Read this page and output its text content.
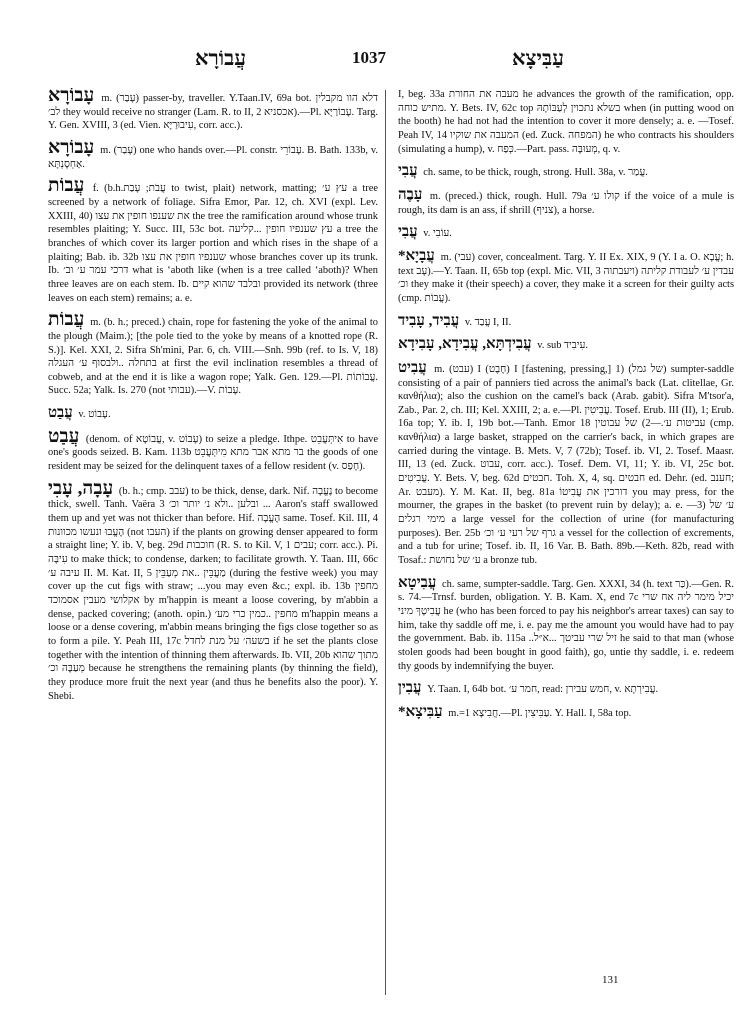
עֲבוֹרָא	1037	עַבִּיצָא
עָבוֹרָא m. (עָבַר) passer-by, traveller. Y.Taan.IV, 69a bot. דלא הוו מקבלין לב׳ they would receive no stranger (Lam. R. to II, 2 אכסניא).—Pl. עָבוֹרַיָּא. Targ. Y. Gen. XVIII, 3 (ed. Vien. עִיבוּרַיָּא, corr. acc.).
עָבוֹרָא m. (עָבַר) one who hands over.—Pl. constr. עָבוֹרֵי. B. Bath. 133b, v. אַחְסָנְתָּא.
עֲבוֹת f. (b.h.עֲבֹת; עָבַת to twist, plait) network, matting; עץ ע׳ a tree screened by a network of foliage. Sifra Emor, Par. 12, ch. XVI (expl. Lev. XXIII, 40) את שענפו חופין את עצו the tree the ramification around whose trunk resembles plaiting; Y. Succ. III, 53c bot. עץ שענפיו חופין ...קליעה a tree the branches of which cover its larger portion and which rises in the shape of a plaiting; Bab. ib. 32b שענפיו חופין את עצו whose branches cover up its trunk. Ib. דרכי עמר ע׳ וב׳ what is ‘aboth like (when is a tree called ‘aboth)? When three leaves are on each stem. Ib. ובלבד שהוא קיים provided its network (three leaves on each stem) remains; a. e.
עֲבוֹת m. (b. h.; preced.) chain, rope for fastening the yoke of the animal to the plough (Maim.); [the pole tied to the yoke by means of a knotted rope (R. S.)]. Kel. XXI, 2. Sifra Sh'mini, Par. 6, ch. VIII.—Snh. 99b (ref. to Is. V, 18) בתחלה ..ולבסוף ע׳ העגלה at first the evil inclination resembles a thread of cobweb, and at the end it is like a wagon rope; Yalk. Gen. 129.—Pl. עֲבוֹתוֹת. Succ. 52a; Yalk. Is. 270 (not עבותי).—V. עָבוֹת.
עֲבַט v. עָבוֹט.
עֲבַט (denom. of עֲבוֹטָא, v. עָבוֹט) to seize a pledge. Ithpe. אִיתְּעֲבֵט to have one's goods seized. B. Kam. 113b בר מתא אבר מתא מִיתְּעֲבֵט the goods of one resident may be seized for the delinquent taxes of a fellow resident (v. חָפַס).
עָבָה, עָבִי (b. h.; cmp. עבב) to be thick, dense, dark. Nif. נֶעֱבָה to become thick, swell. Tanh. Vaëra 3 ובלען ..ולא נ׳ יותר וכ׳ ... Aaron's staff swallowed them up and yet was not thicker than before. Hif. הֶעֱבָה same. Tosef. Kil. III, 4 הֶעֱבוּ ונעשו מכוונות (not העבו) if the plants on growing denser appeared to form a straight line; Y. ib. V, beg. 29d חוכבות (R. S. to Kil. V, 1 עבים; corr. acc.). Pi. עִיבָּה to make thick; to condense, darken; to facilitate growth. Y. Taan. III, 66c עיבה ע׳ II. M. Kat. II, 5 מַעֲבֵּין ..את מְעַבֵּין (during the festive week) you may cover up the cut figs with straw; ...you may even &c.; expl. ib. 13b מחפין אקלושי מעבין אסמוכד by m'happin is meant a loose covering, by m'abbin a dense, packed covering; (anoth. opin.) מחפין ..כמין כרי מע׳ m'happin means a loose or a dense covering, m'abbin means bringing the figs close together so as to form a pile. Y. Peah III, 17c בשעה׳ על מנת לחדל if he set the plants close together with the intention of thinning them afterwards. Ib. VII, 20b מתוך שהוא מְעַבֶּה וכ׳ because he strengthens the remaining plants (by thinning the field), they produce more fruit the next year (and thus he benefits also the poor). Y. Shebi.
I, beg. 33a מעבה את החורת he advances the growth of the ramification, opp. מתיש כוחה. Y. Bets. IV, 62c top בשלא נתכוין לְעַבּוֹתָהּ when (in putting wood on the booth) he had not had the intention to cover it more densely; a. e. —Tosef. Peah IV, 14 המעבה את שוקיו (ed. Zuck. המפחה) he who contracts his shoulders (simulating a hump), v. כְּפַח.—Part. pass. מְעוּבֶּה, q. v.
עֲבִי ch. same, to be thick, rough, strong. Hull. 38a, v. עֲמַר.
עָבֶה m. (preced.) thick, rough. Hull. 79a קולו ע׳ if the voice of a mule is rough, its dam is an ass, if shrill (צניף), a horse.
עֲבִי v. עוֹבִי.
*עֲבָיָא m. (עבי) cover, concealment. Targ. Y. II Ex. XIX, 9 (Y. I a. O. עֲבָא; h. text עָב).—Y. Taan. II, 65b top (expl. Mic. VII, 3 ויעבתוה) עבדין ע׳ לעבודת קליתה וכ׳ they make it (their speech) a cover, they make it a screen for their guilty acts (cmp. עֲבוֹת).
עֲבִיד, עָבִיד v. עֲבַד I, II.
עֲבִידְתָּא, עֲבִידָא, עָבִידָא v. sub עִיבִיד.
עֲבִיט m. (עבט) I (חֶבֶט) I [fastening, pressing,] 1) (של גמל) sumpter-saddle consisting of a pair of panniers tied across the animal's back (Lat. clitellae, Gr. κανθήλια); also the cushion on the camel's back (Arab. gabit). Sifra M'tsor'a, Zab., Par. 2, ch. III; Kel. XXIII, 2; a. e.—Pl. עֲבִיטִין. Tosef. Erub. III (II), 1; Erub. 16a top; Y. ib. I, 19b bot.—Tanh. Emor 18 עביטות ע׳.—2) של עבוטין (cmp. κανθήλια) a large basket, strapped on the carrier's back, in which grapes are carried during the vintage. B. Mets. V, 7 (72b); Tosef. ib. VI, 2. Tosef. Maasr. III, 13 (ed. Zuck. עבוט, corr. acc.). Tosef. Dem. VI, 11; Y. ib. VI, 25c bot. עֲבִיטִים. Y. Bets. V, beg. 62d חבטים. Toh. X, 4, sq. חבטים ed. Dehr. (ed. חענב; Ar. מעבט). Y. M. Kat. II, beg. 81a דורכין את עֲבִיטוֹ you may press, for the mourner, the grapes in the basket (to prevent ruin by delay); a. e. —3) ע׳ של מימי רגלים a large vessel for the collection of urine (for manufacturing purposes). Ber. 25b גרף של רעי ע׳ וכ׳ a vessel for the collection of excrements, and a tub for urine; Tosef. ib. II, 16 Var. B. Bath. 89b.—Keth. 82b, read with Tosaf.: ע׳ של נחושת a bronze tub.
עֲבִיטָא ch. same, sumpter-saddle. Targ. Gen. XXXI, 34 (h. text כַּר).—Gen. R. s. 74.—Trnsf. burden, obligation. Y. B. Kam. X, end 7c יכיל מימר ליה אח שרי עֲבִיטָךְ מיני he (who has been forced to pay his neighbor's arrear taxes) can say to him, take thy saddle off me, i. e. pay me the amount you would have had to pay the government. Bab. ib. 115a ..זיל שרי עביטך ...א״ל he said to that man (whose stolen goods had been bought in good faith), go, untie thy saddle, i. e. redeem thy goods by indemnifying the buyer.
עֲבִין Y. Taan. I, 64b bot. חמר ע׳, read: חמש עבירן, v. עֲבִירְתָא.
*עַבִּיצָא m.=חֲבִיצָא 1.—Pl. עַבִּיצִין. Y. Hall. I, 58a top.
131
